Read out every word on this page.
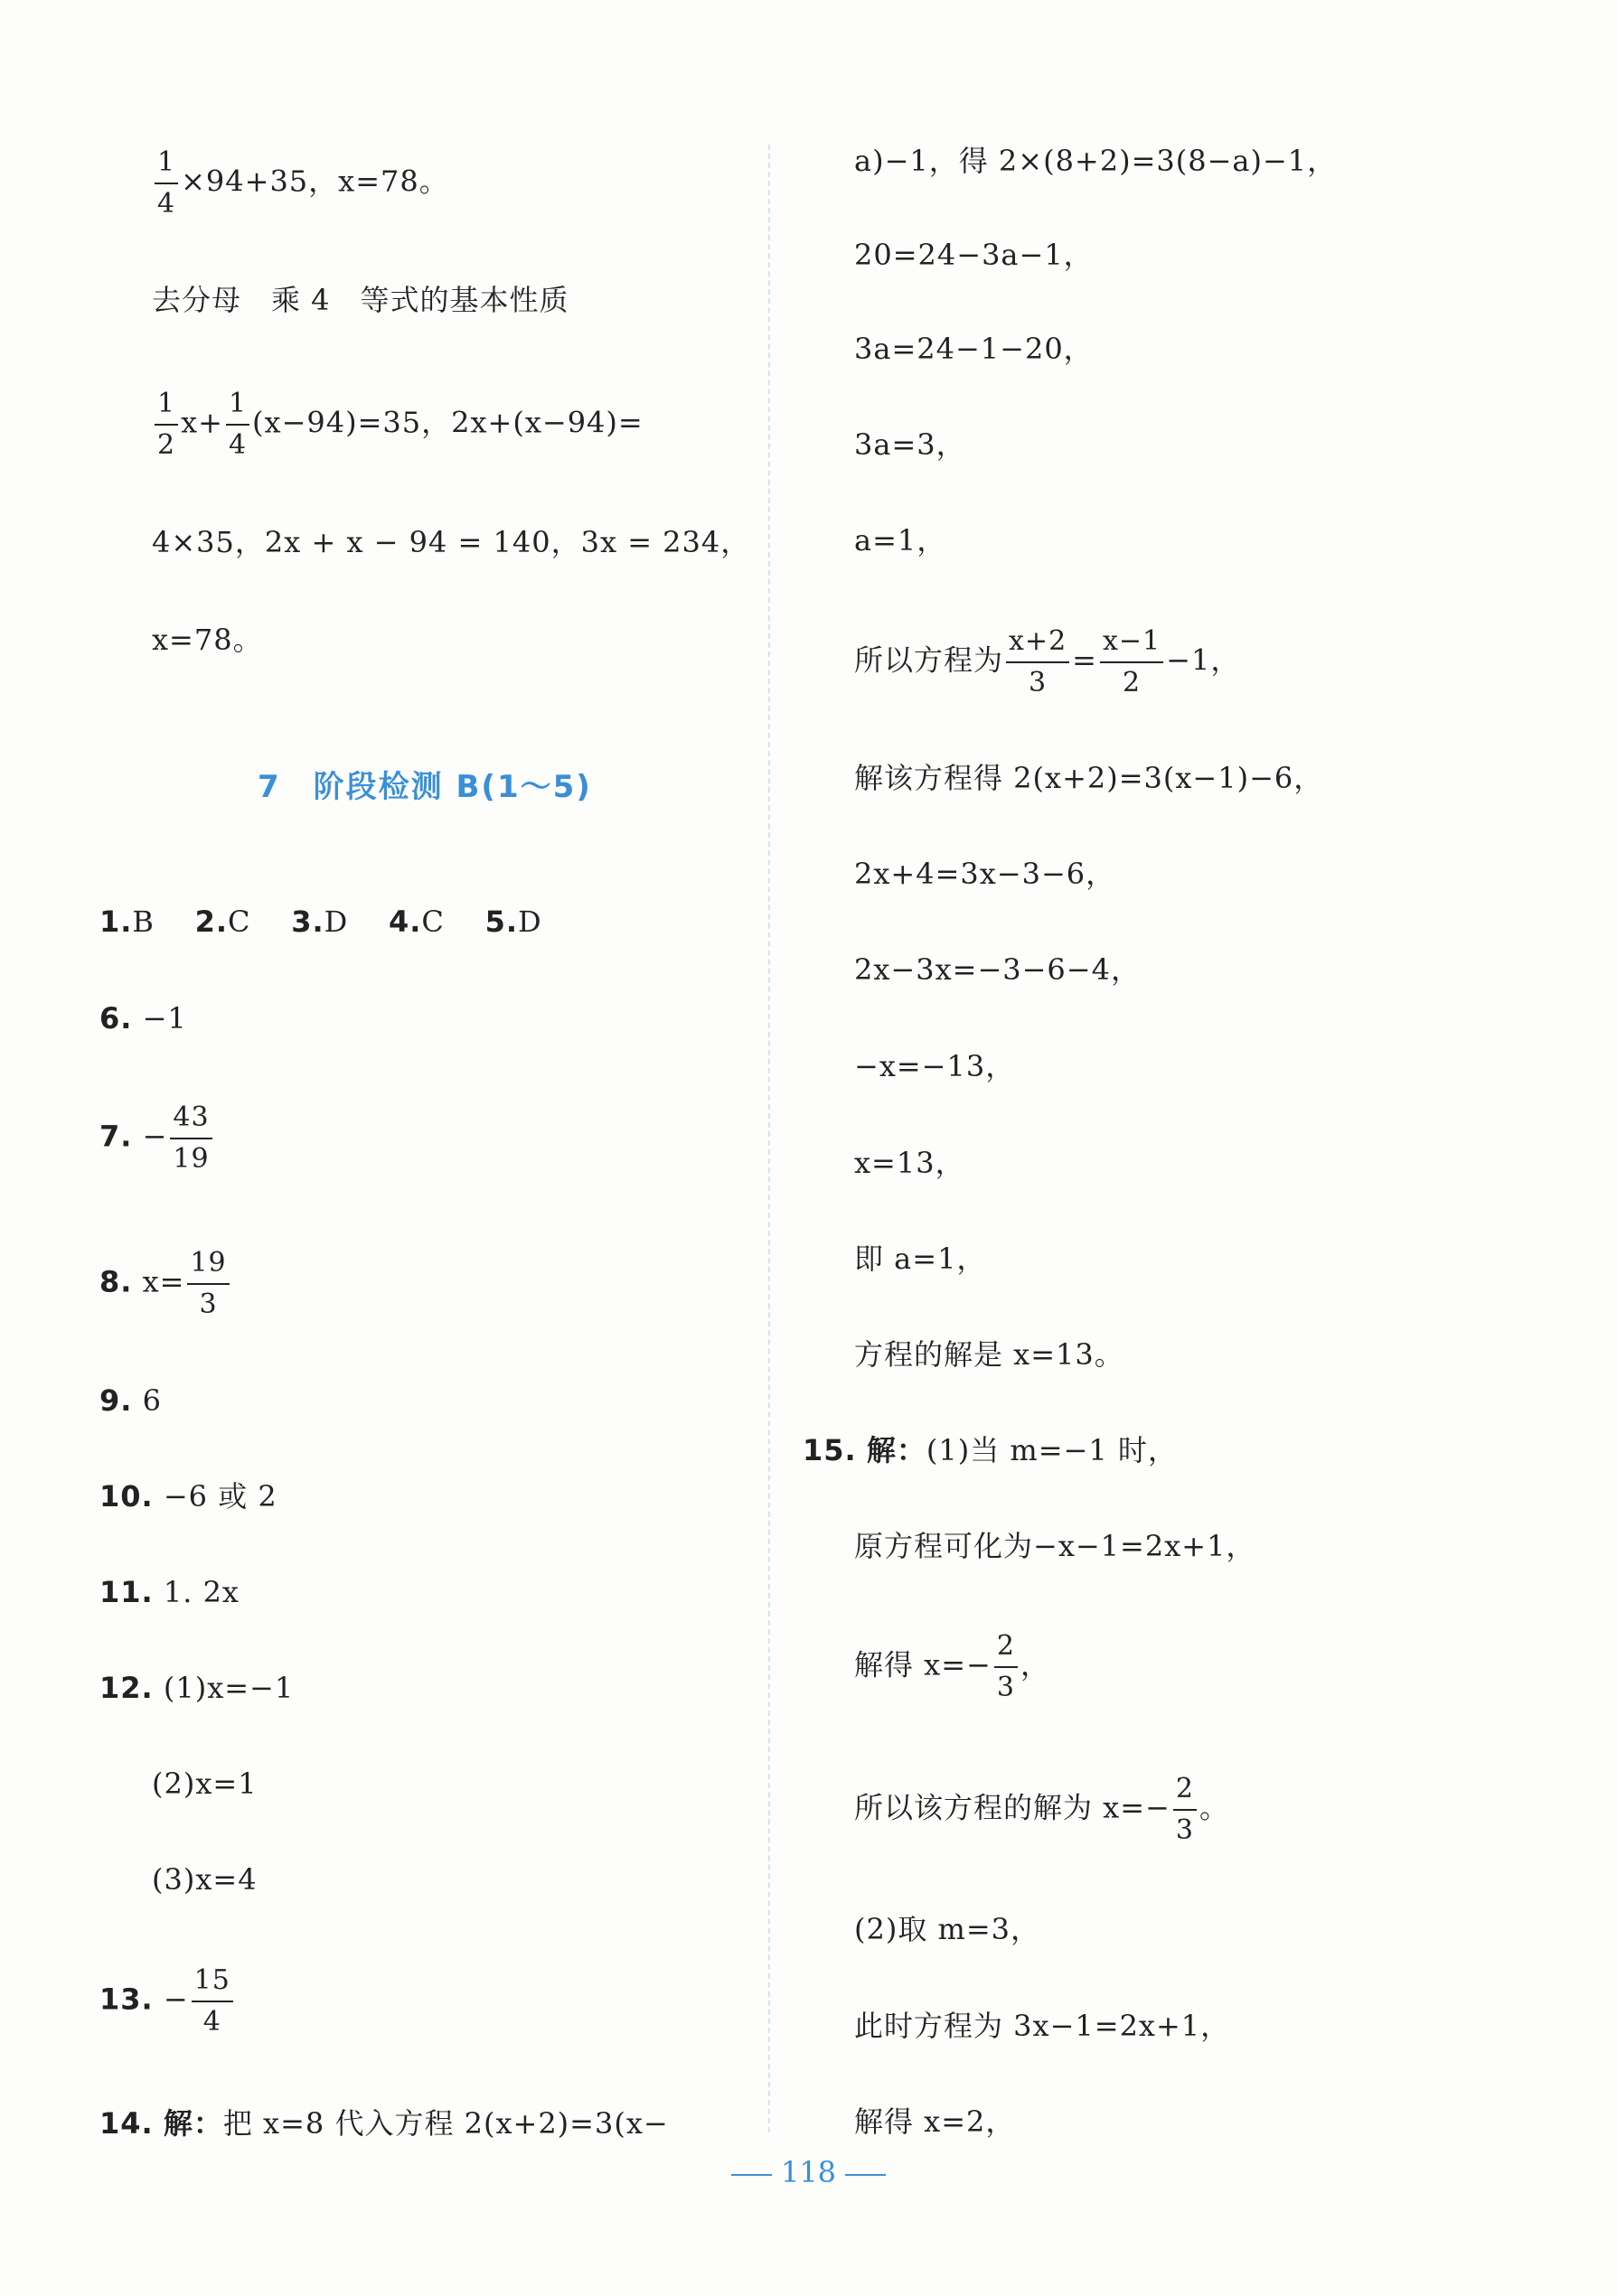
$\frac{1}{4} \times 94+35$，x=78。
去分母　乘 4　等式的基本性质
$\frac{1}{2} x+ \frac{1}{4} (x-94)=35$，2x+(x−94)=
4×35，2x + x − 94 = 140，3x = 234，
x=78。
7　阶段检测 B(1～5)
1.B 2.C 3.D 4.C 5.D
6. −1
7. − $\frac{43}{19}$
8. $x= \frac{19}{3}$
9. 6
10. −6 或 2
11. 1. 2x
12. (1)x=−1
(2)x=1
(3)x=4
13. − $\frac{15}{4}$
14. 解：把 x=8 代入方程 2(x+2)=3(x−
a)−1，得 2×(8+2)=3(8−a)−1，
20=24−3a−1，
3a=24−1−20，
3a=3，
a=1，
所以方程为 $\frac{x+2}{3} = \frac{x-1}{2} -1$，
解该方程得 2(x+2)=3(x−1)−6，
2x+4=3x−3−6，
2x−3x=−3−6−4，
−x=−13，
x=13，
即 a=1，
方程的解是 x=13。
15. 解：(1)当 m=−1 时，
原方程可化为−x−1=2x+1，
解得 $x=- \frac{2}{3}$ ，
所以该方程的解为 $x=- \frac{2}{3}$ 。
(2)取 m=3，
此时方程为 3x−1=2x+1，
解得 x=2，
118
